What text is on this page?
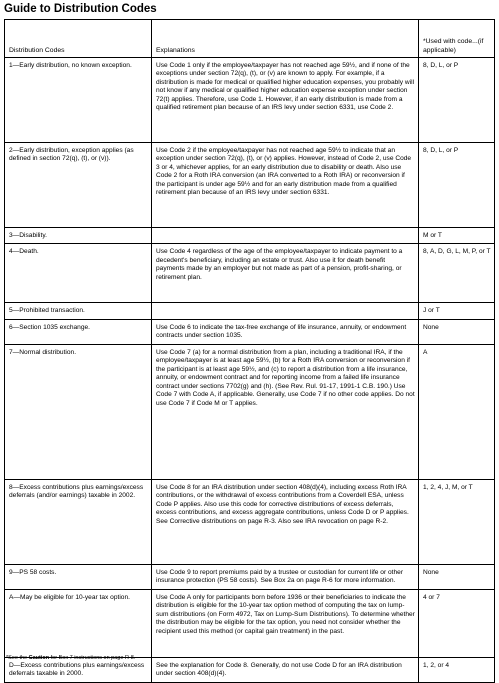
Guide to Distribution Codes
Distribution Codes	Explanations	*Used with code...(if applicable)
1—Early distribution, no known exception.	Use Code 1 only if the employee/taxpayer has not reached age 59½, and if none of the exceptions under section 72(q), (t), or (v) are known to apply. For example, if a distribution is made for medical or qualified higher education expenses, you probably will not know if any medical or qualified higher education expense exception under section 72(t) applies. Therefore, use Code 1. However, if an early distribution is made from a qualified retirement plan because of an IRS levy under section 6331, use Code 2.	8, D, L, or P
2—Early distribution, exception applies (as defined in section 72(q), (t), or (v)).	Use Code 2 if the employee/taxpayer has not reached age 59½ to indicate that an exception under section 72(q), (t), or (v) applies. However, instead of Code 2, use Code 3 or 4, whichever applies, for an early distribution due to disability or death. Also use Code 2 for a Roth IRA conversion (an IRA converted to a Roth IRA) or reconversion if the participant is under age 59½ and for an early distribution made from a qualified retirement plan because of an IRS levy under section 6331.	8, D, L, or P
3—Disability.		M or T
4—Death.	Use Code 4 regardless of the age of the employee/taxpayer to indicate payment to a decedent's beneficiary, including an estate or trust. Also use it for death benefit payments made by an employer but not made as part of a pension, profit-sharing, or retirement plan.	8, A, D, G, L, M, P, or T
5—Prohibited transaction.		J or T
6—Section 1035 exchange.	Use Code 6 to indicate the tax-free exchange of life insurance, annuity, or endowment contracts under section 1035.	None
7—Normal distribution.	Use Code 7 (a) for a normal distribution from a plan, including a traditional IRA, if the employee/taxpayer is at least age 59½, (b) for a Roth IRA conversion or reconversion if the participant is at least age 59½, and (c) to report a distribution from a life insurance, annuity, or endowment contract and for reporting income from a failed life insurance contract under sections 7702(g) and (h). (See Rev. Rul. 91-17, 1991-1 C.B. 190.) Use Code 7 with Code A, if applicable. Generally, use Code 7 if no other code applies. Do not use Code 7 if Code M or T applies.	A
8—Excess contributions plus earnings/excess deferrals (and/or earnings) taxable in 2002.	Use Code 8 for an IRA distribution under section 408(d)(4), including excess Roth IRA contributions, or the withdrawal of excess contributions from a Coverdell ESA, unless Code P applies. Also use this code for corrective distributions of excess deferrals, excess contributions, and excess aggregate contributions, unless Code D or P applies. See Corrective distributions on page R-3. Also see IRA revocation on page R-2.	1, 2, 4, J, M, or T
9—PS 58 costs.	Use Code 9 to report premiums paid by a trustee or custodian for current life or other insurance protection (PS 58 costs). See Box 2a on page R-6 for more information.	None
A—May be eligible for 10-year tax option.	Use Code A only for participants born before 1936 or their beneficiaries to indicate the distribution is eligible for the 10-year tax option method of computing the tax on lump-sum distributions (on Form 4972, Tax on Lump-Sum Distributions). To determine whether the distribution may be eligible for the tax option, you need not consider whether the recipient used this method (or capital gain treatment) in the past.	4 or 7
D—Excess contributions plus earnings/excess deferrals taxable in 2000.	See the explanation for Code 8. Generally, do not use Code D for an IRA distribution under section 408(d)(4).	1, 2, or 4
*See the Caution for Box 7 instructions on page R-8.
